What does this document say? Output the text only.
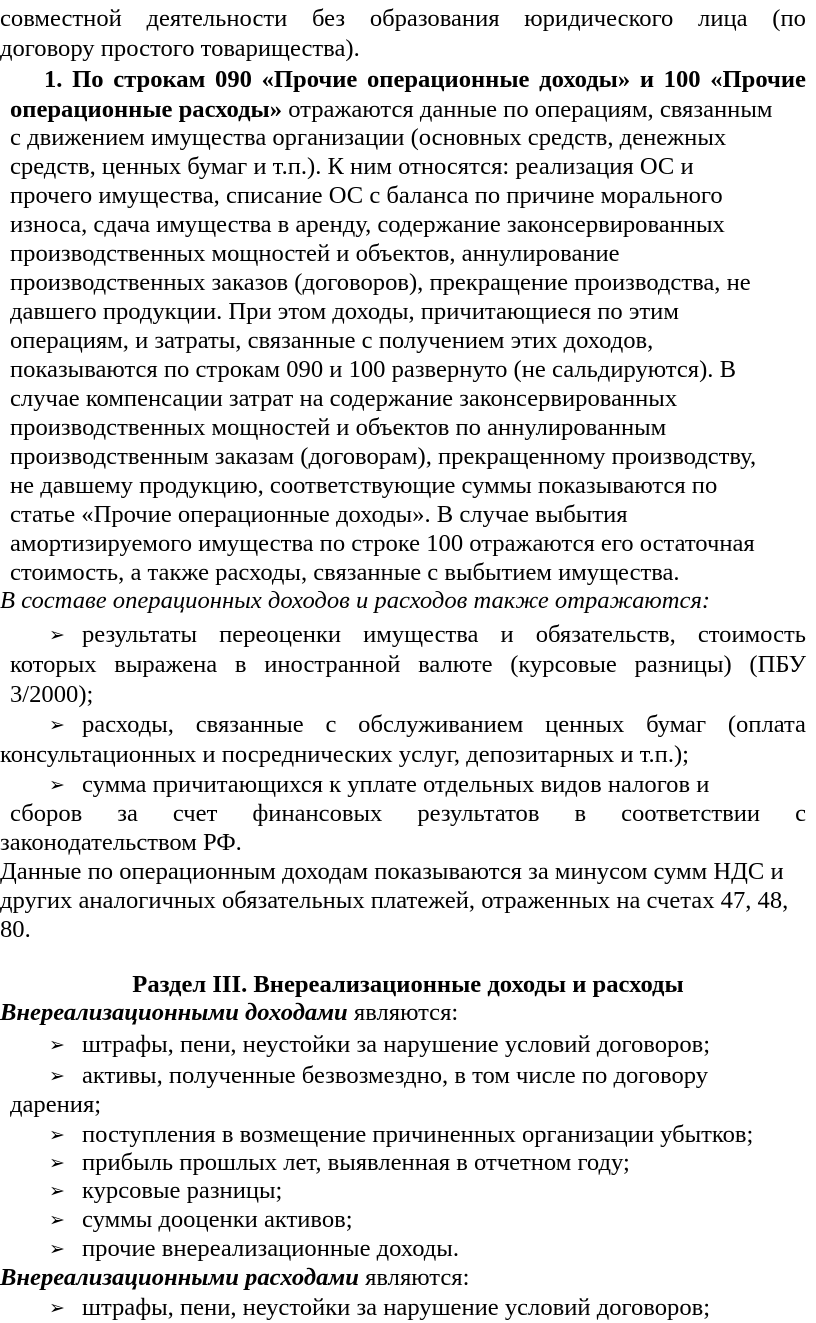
совместной деятельности без образования юридического лица (по
договору простого товарищества).
1. По строкам 090 «Прочие операционные доходы» и 100 «Прочие
операционные расходы» отражаются данные по операциям, связанным
с движением имущества организации (основных средств, денежных
средств, ценных бумаг и т.п.). К ним относятся: реализация ОС и
прочего имущества, списание ОС с баланса по причине морального
износа, сдача имущества в аренду, содержание законсервированных
производственных мощностей и объектов, аннулирование
производственных заказов (договоров), прекращение производства, не
давшего продукции. При этом доходы, причитающиеся по этим
операциям, и затраты, связанные с получением этих доходов,
показываются по строкам 090 и 100 развернуто (не сальдируются). В
случае компенсации затрат на содержание законсервированных
производственных мощностей и объектов по аннулированным
производственным заказам (договорам), прекращенному производству,
не давшему продукцию, соответствующие суммы показываются по
статье «Прочие операционные доходы». В случае выбытия
амортизируемого имущества по строке 100 отражаются его остаточная
стоимость, а также расходы, связанные с выбытием имущества.
В составе операционных доходов и расходов также отражаются:
➢ результаты переоценки имущества и обязательств, стоимость
которых выражена в иностранной валюте (курсовые разницы) (ПБУ
3/2000);
➢ расходы, связанные с обслуживанием ценных бумаг (оплата
консультационных и посреднических услуг, депозитарных и т.п.);
➢ сумма причитающихся к уплате отдельных видов налогов и
сборов за счет финансовых результатов в соответствии с
законодательством РФ.
Данные по операционным доходам показываются за минусом сумм НДС и
других аналогичных обязательных платежей, отраженных на счетах 47, 48,
80.
Раздел III. Внереализационные доходы и расходы
Внереализационными доходами являются:
➢ штрафы, пени, неустойки за нарушение условий договоров;
➢ активы, полученные безвозмездно, в том числе по договору
дарения;
➢ поступления в возмещение причиненных организации убытков;
➢ прибыль прошлых лет, выявленная в отчетном году;
➢ курсовые разницы;
➢ суммы дооценки активов;
➢ прочие внереализационные доходы.
Внереализационными расходами являются:
➢ штрафы, пени, неустойки за нарушение условий договоров;
